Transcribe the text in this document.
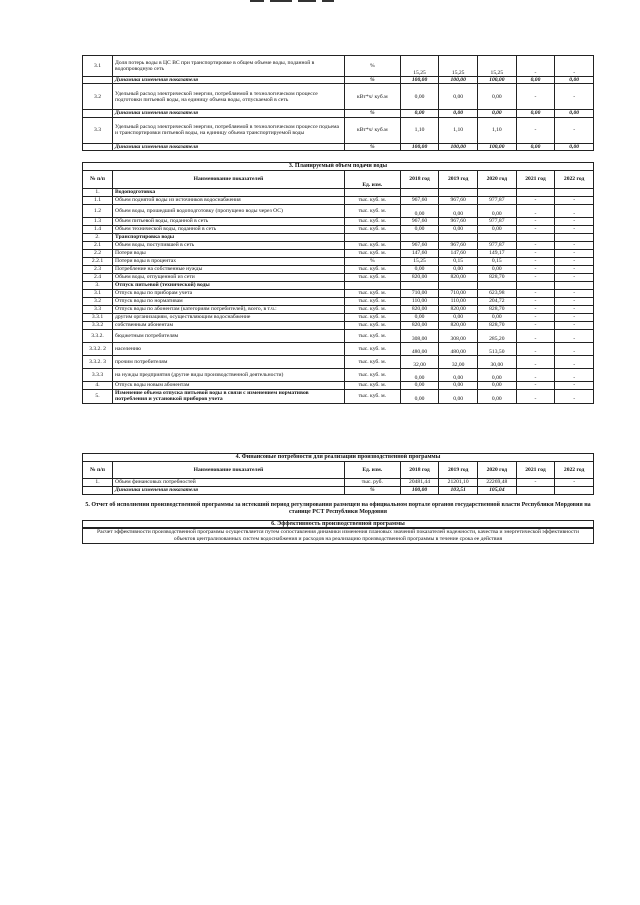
3.1	Доля потерь воды в ЦС ВС при транспортировке в общем объеме воды, поданной в водопроводную сеть	%	15,25	15,25	15,25	-	-
	Динамика изменения показателя	%	100,00	100,00	100,00	0,00	0,00
3.2	Удельный расход электрической энергии, потребляемой в технологическом процессе подготовки питьевой воды, на единицу объема воды, отпускаемой в сеть	кВт*ч/ куб.м	0,00	0,00	0,00	-	-
	Динамика изменения показателя	%	0,00	0,00	0,00	0,00	0,00
3.3	Удельный расход электрической энергии, потребляемой в технологическом процессе подъема и транспортировки питьевой воды, на единицу объема транспортируемой воды	кВт*ч/ куб.м	1,10	1,10	1,10	-	-
	Динамика изменения показателя	%	100,00	100,00	100,00	0,00	0,00
3. Планируемый объем подачи воды							
№ п/п	Наименование показателей	Ед. изм.	2018 год	2019 год	2020 год	2021 год	2022 год
1.	Водоподготовка						
1.1	Объем поднятой воды из источников водоснабжения	тыс. куб. м.	967,60	967,60	977,87	-	-
1.2	Объем воды, прошедший водоподготовку (пропущено воды через ОС)	тыс. куб. м.	0,00	0,00	0,00	-	-
1.3	Объем питьевой воды, поданной в сеть	тыс. куб. м.	967,60	967,60	977,87	-	-
1.4	Объем технической воды, поданной в сеть	тыс. куб. м.	0,00	0,00	0,00	-	-
2.	Транспортировка воды						
2.1	Объем воды, поступившей в сеть	тыс. куб. м.	967,60	967,60	977,87	-	-
2.2	Потери воды	тыс. куб. м.	147,60	147,60	149,17	-	-
2.2.1	Потери воды в процентах	%	15,25	0,15	0,15	-	-
2.3	Потребление на собственные нужды	тыс. куб. м.	0,00	0,00	0,00	-	-
2.4	Объем воды, отпущенной из сети	тыс. куб. м.	820,00	820,00	828,70	-	-
3.	Отпуск питьевой (технической) воды						
3.1	Отпуск воды по приборам учета	тыс. куб. м.	710,00	710,00	623,98	-	-
3.2	Отпуск воды по нормативам	тыс. куб. м.	110,00	110,00	204,72	-	-
3.3	Отпуск воды по абонентам (категориям потребителей), всего, в т.ч.:	тыс. куб. м.	820,00	820,00	828,70	-	-
3.3.1	другим организациям, осуществляющим водоснабжение	тыс. куб. м.	0,00	0,00	0,00	-	-
3.3.2	собственным абонентам	тыс. куб. м.	820,00	820,00	828,70	-	-
3.3.2.	бюджетным потребителям	тыс. куб. м.	308,00	308,00	285,20	-	-
3.3.2. 2	населению	тыс. куб. м.	480,00	480,00	513,50	-	-
3.3.2. 3	прочим потребителям	тыс. куб. м.	32,00	32,00	30,00	-	-
3.3.3	на нужды предприятия (другие виды производственной деятельности)	тыс. куб. м.	0,00	0,00	0,00	-	-
4.	Отпуск воды новым абонентам	тыс. куб. м.	0,00	0,00	0,00	-	-
5.	Изменение объема отпуска питьевой воды в связи с изменением нормативов потребления и установкой приборов учета	тыс. куб. м.	0,00	0,00	0,00	-	-
4. Финансовые потребности для реализации производственной программы							
№ п/п	Наименование показателей	Ед. изм.	2018 год	2019 год	2020 год	2021 год	2022 год
1.	Объем финансовых потребностей	тыс. руб.	20481,44	21201,10	22269,48	-	-
	Динамика изменения показателя	%	100,00	103,51	105,04		
5. Отчет об исполнении производственной программы за истекший период регулирования размещен на официальном портале органов государственной власти Республики Мордовия на станице РСТ Республики Мордовия
6. Эффективность производственной программы
Расчет эффективности производственной программы осуществляется путем сопоставления динамики изменения плановых значений показателей надежности, качества и энергетической эффективности объектов централизованных систем водоснабжения и расходов на реализацию производственной программы в течение срока ее действия
